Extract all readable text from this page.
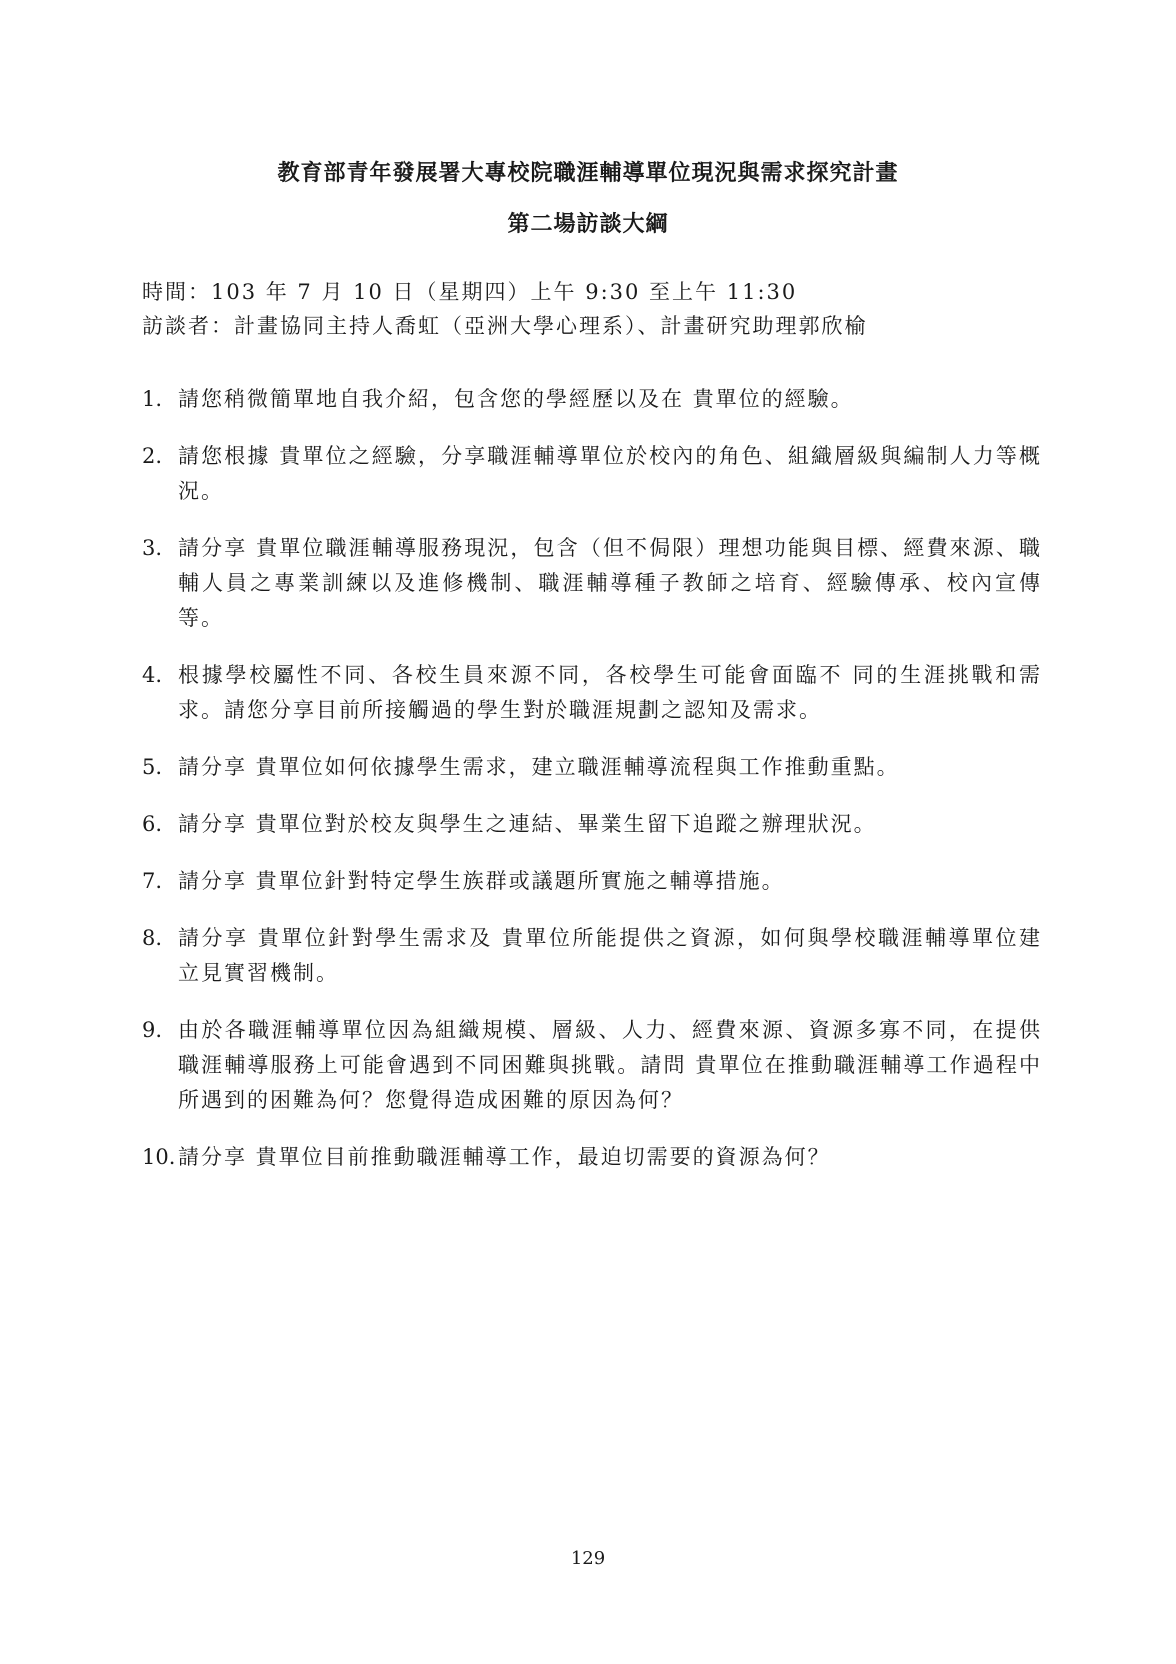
教育部青年發展署大專校院職涯輔導單位現況與需求探究計畫
第二場訪談大綱
時間：103 年 7 月 10 日（星期四）上午 9:30 至上午 11:30
訪談者：計畫協同主持人喬虹（亞洲大學心理系）、計畫研究助理郭欣榆
1. 請您稍微簡單地自我介紹，包含您的學經歷以及在 貴單位的經驗。
2. 請您根據 貴單位之經驗，分享職涯輔導單位於校內的角色、組織層級與編制人力等概況。
3. 請分享 貴單位職涯輔導服務現況，包含（但不侷限）理想功能與目標、經費來源、職輔人員之專業訓練以及進修機制、職涯輔導種子教師之培育、經驗傳承、校內宣傳等。
4. 根據學校屬性不同、各校生員來源不同，各校學生可能會面臨不 同的生涯挑戰和需求。請您分享目前所接觸過的學生對於職涯規劃之認知及需求。
5. 請分享 貴單位如何依據學生需求，建立職涯輔導流程與工作推動重點。
6. 請分享 貴單位對於校友與學生之連結、畢業生留下追蹤之辦理狀況。
7. 請分享 貴單位針對特定學生族群或議題所實施之輔導措施。
8. 請分享 貴單位針對學生需求及 貴單位所能提供之資源，如何與學校職涯輔導單位建立見實習機制。
9. 由於各職涯輔導單位因為組織規模、層級、人力、經費來源、資源多寡不同，在提供職涯輔導服務上可能會遇到不同困難與挑戰。請問 貴單位在推動職涯輔導工作過程中所遇到的困難為何？您覺得造成困難的原因為何？
10. 請分享 貴單位目前推動職涯輔導工作，最迫切需要的資源為何？
129
